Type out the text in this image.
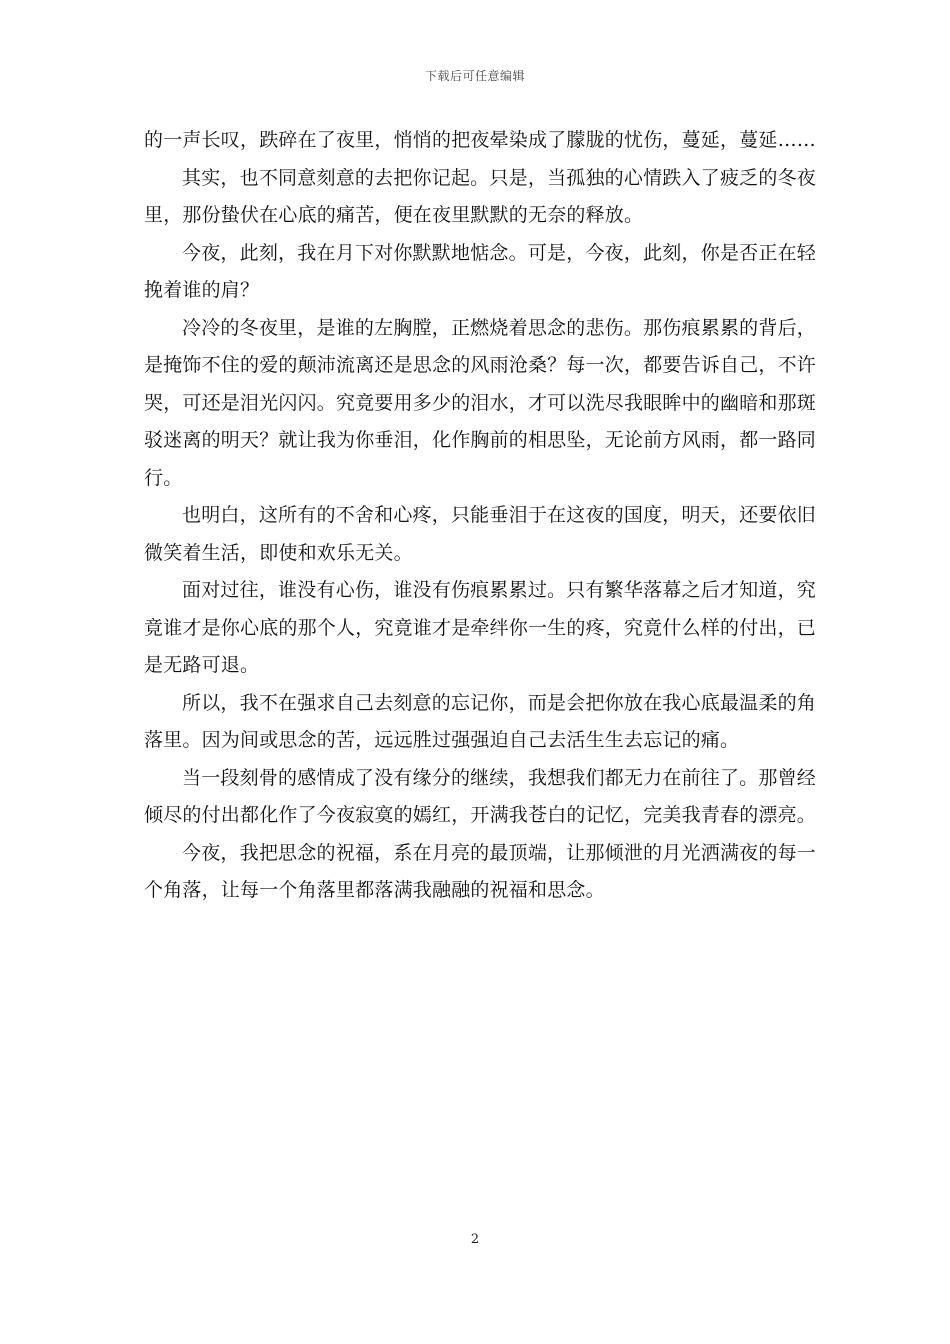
下载后可任意编辑

的一声长叹，跌碎在了夜里，悄悄的把夜晕染成了朦胧的忧伤，蔓延，蔓延……

其实，也不同意刻意的去把你记起。只是，当孤独的心情跌入了疲乏的冬夜里，那份蛰伏在心底的痛苦，便在夜里默默的无奈的释放。

今夜，此刻，我在月下对你默默地惦念。可是，今夜，此刻，你是否正在轻挽着谁的肩？

冷冷的冬夜里，是谁的左胸膛，正燃烧着思念的悲伤。那伤痕累累的背后，是掩饰不住的爱的颠沛流离还是思念的风雨沧桑？每一次，都要告诉自己，不许哭，可还是泪光闪闪。究竟要用多少的泪水，才可以洗尽我眼眸中的幽暗和那斑驳迷离的明天？就让我为你垂泪，化作胸前的相思坠，无论前方风雨，都一路同行。

也明白，这所有的不舍和心疼，只能垂泪于在这夜的国度，明天，还要依旧微笑着生活，即使和欢乐无关。

面对过往，谁没有心伤，谁没有伤痕累累过。只有繁华落幕之后才知道，究竟谁才是你心底的那个人，究竟谁才是牵绊你一生的疼，究竟什么样的付出，已是无路可退。

所以，我不在强求自己去刻意的忘记你，而是会把你放在我心底最温柔的角落里。因为间或思念的苦，远远胜过强强迫自己去活生生去忘记的痛。

当一段刻骨的感情成了没有缘分的继续，我想我们都无力在前往了。那曾经倾尽的付出都化作了今夜寂寞的嫣红，开满我苍白的记忆，完美我青春的漂亮。

今夜，我把思念的祝福，系在月亮的最顶端，让那倾泄的月光洒满夜的每一个角落，让每一个角落里都落满我融融的祝福和思念。

2
